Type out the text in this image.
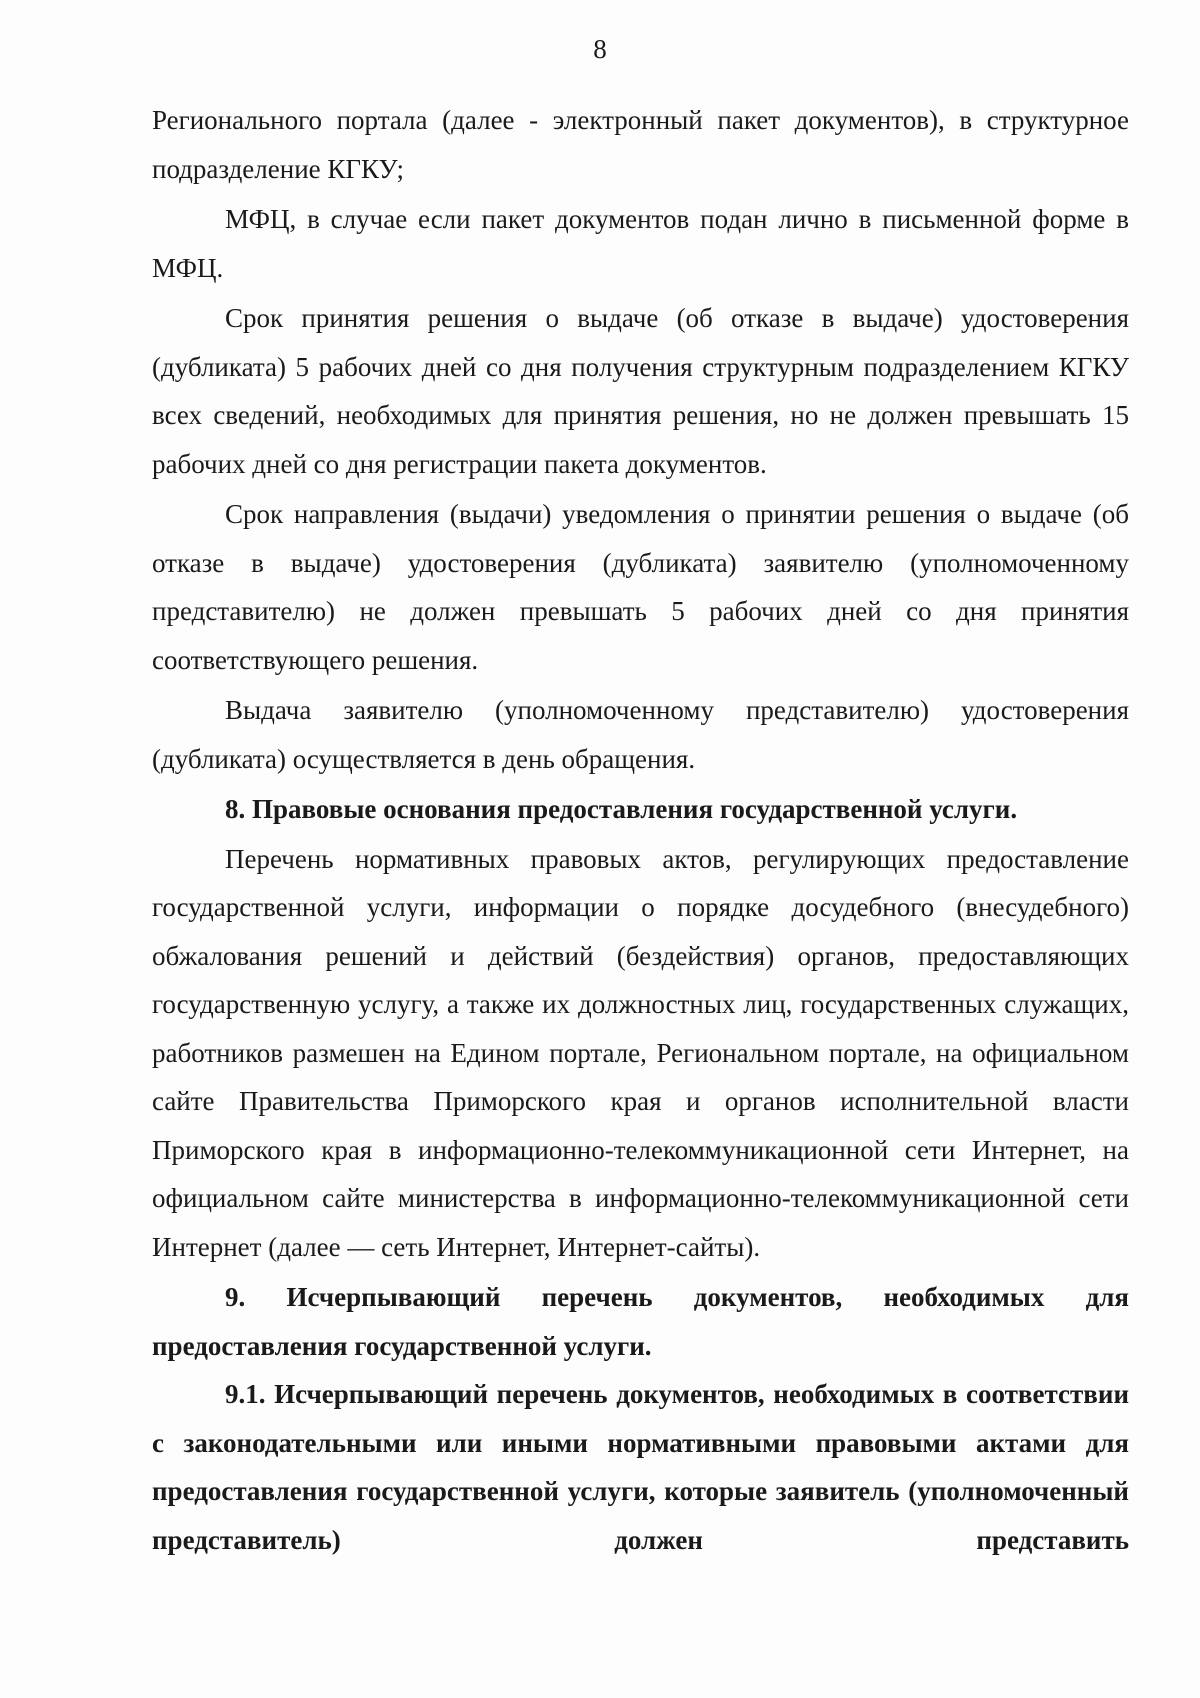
8

Регионального портала (далее - электронный пакет документов), в структурное подразделение КГКУ;

МФЦ, в случае если пакет документов подан лично в письменной форме в МФЦ.

Срок принятия решения о выдаче (об отказе в выдаче) удостоверения (дубликата) 5 рабочих дней со дня получения структурным подразделением КГКУ всех сведений, необходимых для принятия решения, но не должен превышать 15 рабочих дней со дня регистрации пакета документов.

Срок направления (выдачи) уведомления о принятии решения о выдаче (об отказе в выдаче) удостоверения (дубликата) заявителю (уполномоченному представителю) не должен превышать 5 рабочих дней со дня принятия соответствующего решения.

Выдача заявителю (уполномоченному представителю) удостоверения (дубликата) осуществляется в день обращения.

8. Правовые основания предоставления государственной услуги.

Перечень нормативных правовых актов, регулирующих предоставление государственной услуги, информации о порядке досудебного (внесудебного) обжалования решений и действий (бездействия) органов, предоставляющих государственную услугу, а также их должностных лиц, государственных служащих, работников размешен на Едином портале, Региональном портале, на официальном сайте Правительства Приморского края и органов исполнительной власти Приморского края в информационно-телекоммуникационной сети Интернет, на официальном сайте министерства в информационно-телекоммуникационной сети Интернет (далее — сеть Интернет, Интернет-сайты).

9. Исчерпывающий перечень документов, необходимых для предоставления государственной услуги.

9.1. Исчерпывающий перечень документов, необходимых в соответствии с законодательными или иными нормативными правовыми актами для предоставления государственной услуги, которые заявитель (уполномоченный представитель) должен представить
